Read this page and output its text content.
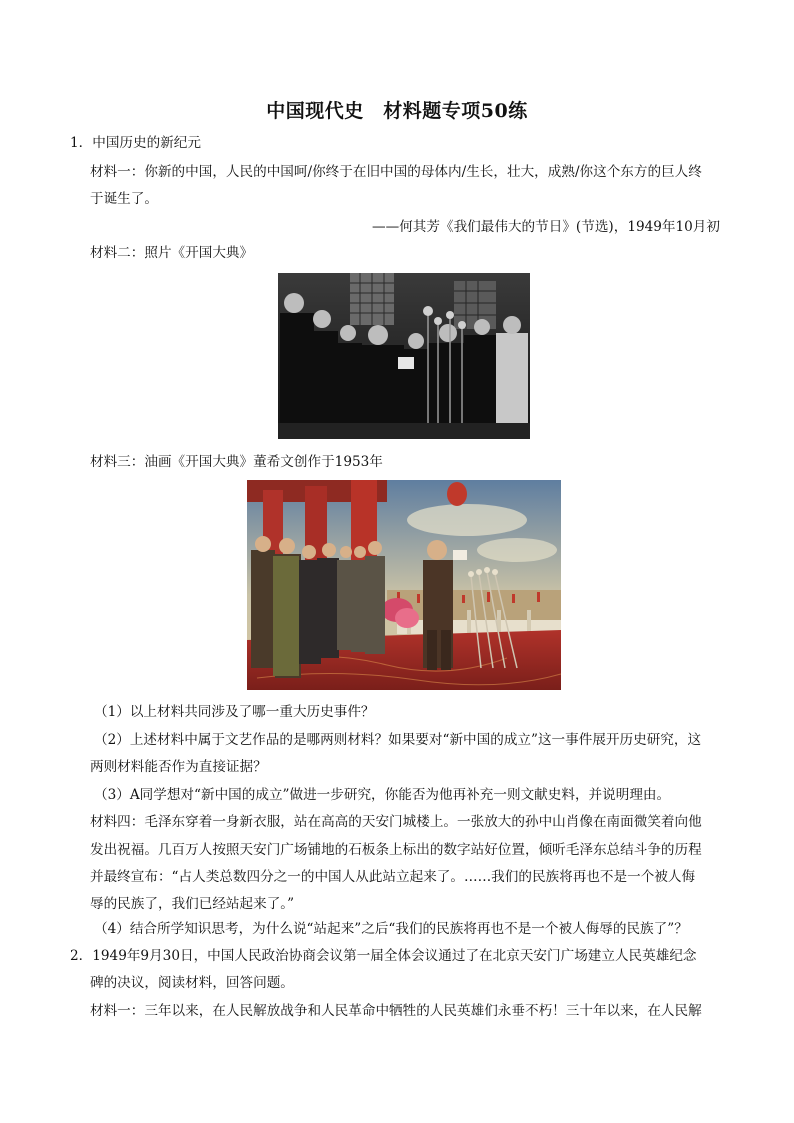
中国现代史　材料题专项50练
1．中国历史的新纪元
材料一：你新的中国，人民的中国呵/你终于在旧中国的母体内/生长，壮大，成熟/你这个东方的巨人终
于诞生了。
——何其芳《我们最伟大的节日》(节选)，1949年10月初
材料二：照片《开国大典》
材料三：油画《开国大典》董希文创作于1953年
（1）以上材料共同涉及了哪一重大历史事件？
（2）上述材料中属于文艺作品的是哪两则材料？如果要对“新中国的成立”这一事件展开历史研究，这
两则材料能否作为直接证据？
（3）A同学想对“新中国的成立”做进一步研究，你能否为他再补充一则文献史料，并说明理由。
材料四：毛泽东穿着一身新衣服，站在高高的天安门城楼上。一张放大的孙中山肖像在南面微笑着向他
发出祝福。几百万人按照天安门广场铺地的石板条上标出的数字站好位置，倾听毛泽东总结斗争的历程
并最终宣布：“占人类总数四分之一的中国人从此站立起来了。……我们的民族将再也不是一个被人侮
辱的民族了，我们已经站起来了。”
（4）结合所学知识思考，为什么说“站起来”之后“我们的民族将再也不是一个被人侮辱的民族了”？
2．1949年9月30日，中国人民政治协商会议第一届全体会议通过了在北京天安门广场建立人民英雄纪念
碑的决议，阅读材料，回答问题。
材料一：三年以来，在人民解放战争和人民革命中牺牲的人民英雄们永垂不朽！三十年以来，在人民解
